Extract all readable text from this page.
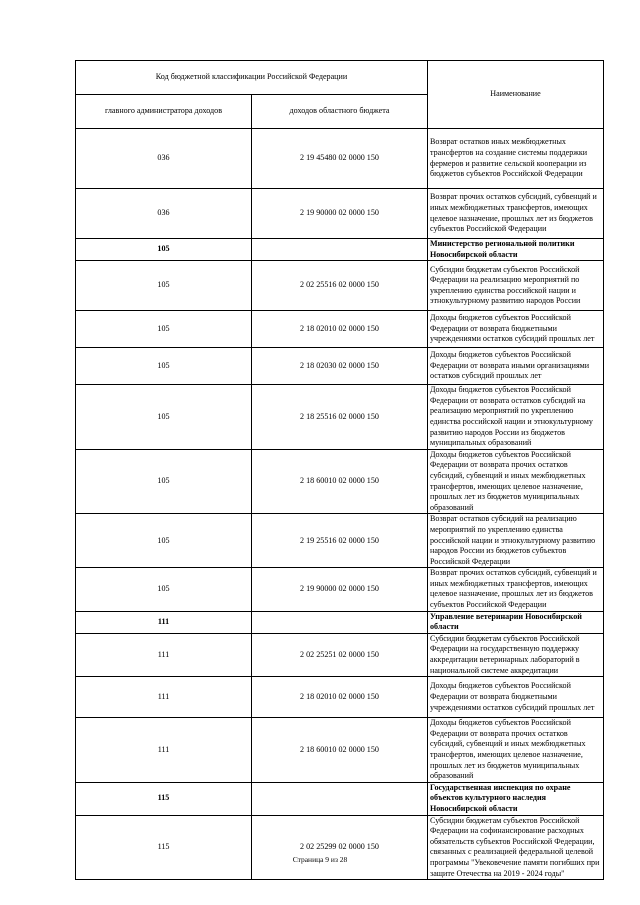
Код бюджетной классификации Российской Федерации		Наименование
главного администратора доходов	доходов областного бюджета	
036	2 19 45480 02 0000 150	Возврат остатков иных межбюджетных трансфертов на создание системы поддержки фермеров и развитие сельской кооперации из бюджетов субъектов Российской Федерации
036	2 19 90000 02 0000 150	Возврат прочих остатков субсидий, субвенций и иных межбюджетных трансфертов, имеющих целевое назначение, прошлых лет из бюджетов субъектов Российской Федерации
105		Министерство региональной политики Новосибирской области
105	2 02 25516 02 0000 150	Субсидии бюджетам субъектов Российской Федерации на реализацию мероприятий по укреплению единства российской нации и этнокультурному развитию народов России
105	2 18 02010 02 0000 150	Доходы бюджетов субъектов Российской Федерации от возврата бюджетными учреждениями остатков субсидий прошлых лет
105	2 18 02030 02 0000 150	Доходы бюджетов субъектов Российской Федерации от возврата иными организациями остатков субсидий прошлых лет
105	2 18 25516 02 0000 150	Доходы бюджетов субъектов Российской Федерации от возврата остатков субсидий на реализацию мероприятий по укреплению единства российской нации и этнокультурному развитию народов России из бюджетов муниципальных образований
105	2 18 60010 02 0000 150	Доходы бюджетов субъектов Российской Федерации от возврата прочих остатков субсидий, субвенций и иных межбюджетных трансфертов, имеющих целевое назначение, прошлых лет из бюджетов муниципальных образований
105	2 19 25516 02 0000 150	Возврат остатков субсидий на реализацию мероприятий по укреплению единства российской нации и этнокультурному развитию народов России из бюджетов субъектов Российской Федерации
105	2 19 90000 02 0000 150	Возврат прочих остатков субсидий, субвенций и иных межбюджетных трансфертов, имеющих целевое назначение, прошлых лет из бюджетов субъектов Российской Федерации
111		Управление ветеринарии Новосибирской области
111	2 02 25251 02 0000 150	Субсидии бюджетам субъектов Российской Федерации на государственную поддержку аккредитации ветеринарных лабораторий в национальной системе аккредитации
111	2 18 02010 02 0000 150	Доходы бюджетов субъектов Российской Федерации от возврата бюджетными учреждениями остатков субсидий прошлых лет
111	2 18 60010 02 0000 150	Доходы бюджетов субъектов Российской Федерации от возврата прочих остатков субсидий, субвенций и иных межбюджетных трансфертов, имеющих целевое назначение, прошлых лет из бюджетов муниципальных образований
115		Государственная инспекция по охране объектов культурного наследия Новосибирской области
115	2 02 25299 02 0000 150	Субсидии бюджетам субъектов Российской Федерации на софинансирование расходных обязательств субъектов Российской Федерации, связанных с реализацией федеральной целевой программы "Увековечение памяти погибших при защите Отечества на 2019 - 2024 годы"
Страница 9 из 28
